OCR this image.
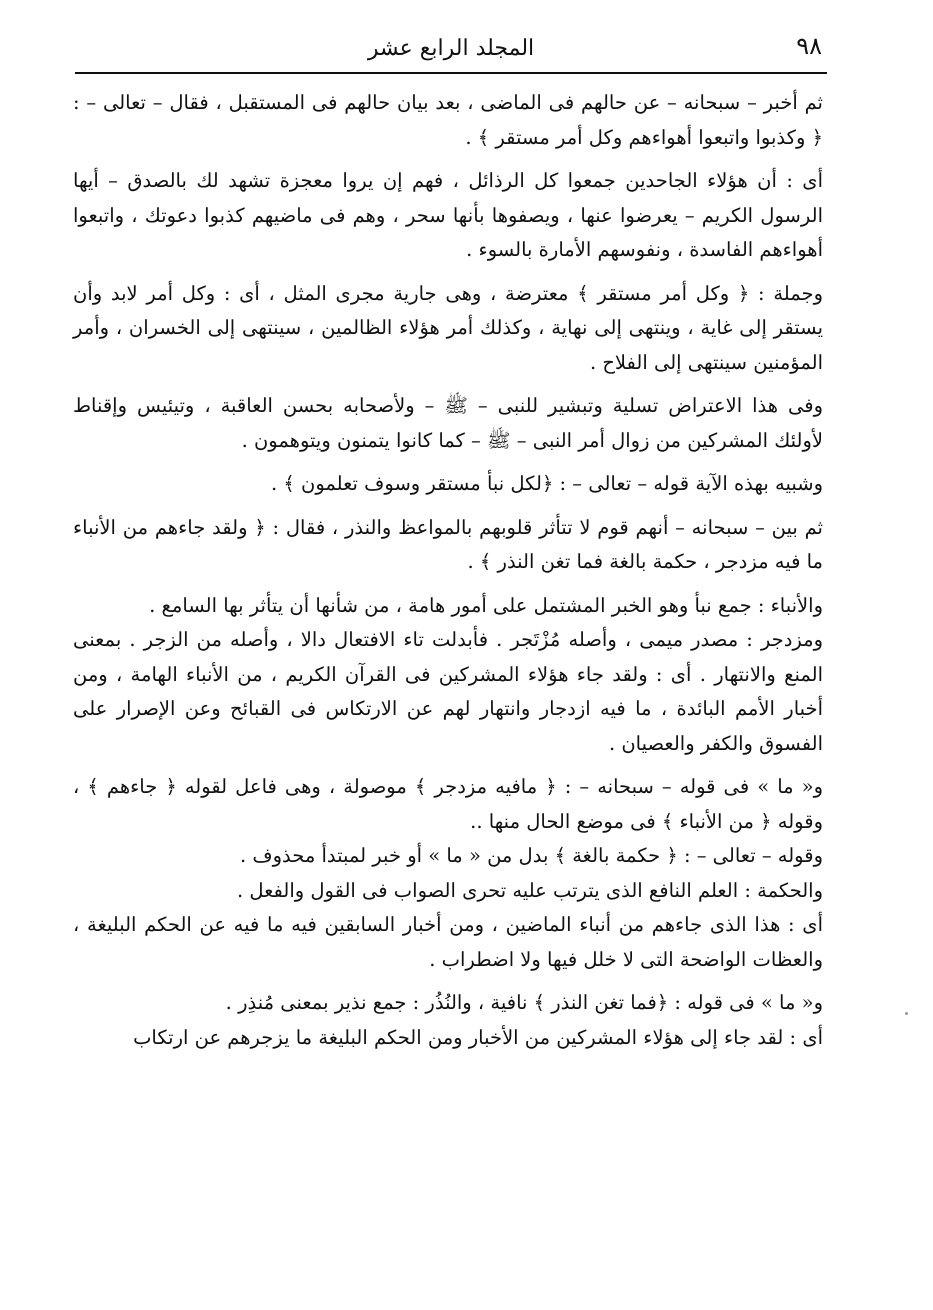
٩٨
المجلد الرابع عشر

ثم أخبر – سبحانه – عن حالهم فى الماضى ، بعد بيان حالهم فى المستقبل ، فقال – تعالى – : ﴿ وكذبوا واتبعوا أهواءهم وكل أمر مستقر ﴾ .

أى : أن هؤلاء الجاحدين جمعوا كل الرذائل ، فهم إن يروا معجزة تشهد لك بالصدق – أيها الرسول الكريم – يعرضوا عنها ، ويصفوها بأنها سحر ، وهم فى ماضيهم كذبوا دعوتك ، واتبعوا أهواءهم الفاسدة ، ونفوسهم الأمارة بالسوء .

وجملة : ﴿ وكل أمر مستقر ﴾ معترضة ، وهى جارية مجرى المثل ، أى : وكل أمر لابد وأن يستقر إلى غاية ، وينتهى إلى نهاية ، وكذلك أمر هؤلاء الظالمين ، سينتهى إلى الخسران ، وأمر المؤمنين سينتهى إلى الفلاح .

وفى هذا الاعتراض تسلية وتبشير للنبى – ﷺ – ولأصحابه بحسن العاقبة ، وتيئيس وإقناط لأولئك المشركين من زوال أمر النبى – ﷺ – كما كانوا يتمنون ويتوهمون .

وشبيه بهذه الآية قوله – تعالى – : ﴿لكل نبأ مستقر وسوف تعلمون ﴾ .

ثم بين – سبحانه – أنهم قوم لا تتأثر قلوبهم بالمواعظ والنذر ، فقال : ﴿ ولقد جاءهم من الأنباء ما فيه مزدجر ، حكمة بالغة فما تغن النذر ﴾ .

والأنباء : جمع نبأ وهو الخبر المشتمل على أمور هامة ، من شأنها أن يتأثر بها السامع .

ومزدجر : مصدر ميمى ، وأصله مُزْتَجر . فأبدلت تاء الافتعال دالا ، وأصله من الزجر . بمعنى المنع والانتهار . أى : ولقد جاء هؤلاء المشركين فى القرآن الكريم ، من الأنباء الهامة ، ومن أخبار الأمم البائدة ، ما فيه ازدجار وانتهار لهم عن الارتكاس فى القبائح وعن الإصرار على الفسوق والكفر والعصيان .

و« ما » فى قوله – سبحانه – : ﴿ مافيه مزدجر ﴾ موصولة ، وهى فاعل لقوله ﴿ جاءهم ﴾ ، وقوله ﴿ من الأنباء ﴾ فى موضع الحال منها ..

وقوله – تعالى – : ﴿ حكمة بالغة ﴾ بدل من « ما » أو خبر لمبتدأ محذوف .

والحكمة : العلم النافع الذى يترتب عليه تحرى الصواب فى القول والفعل .

أى : هذا الذى جاءهم من أنباء الماضين ، ومن أخبار السابقين فيه ما فيه عن الحكم البليغة ، والعظات الواضحة التى لا خلل فيها ولا اضطراب .

و« ما » فى قوله : ﴿فما تغن النذر ﴾ نافية ، والنُذُر : جمع نذير بمعنى مُنذِر .

أى : لقد جاء إلى هؤلاء المشركين من الأخبار ومن الحكم البليغة ما يزجرهم عن ارتكاب
